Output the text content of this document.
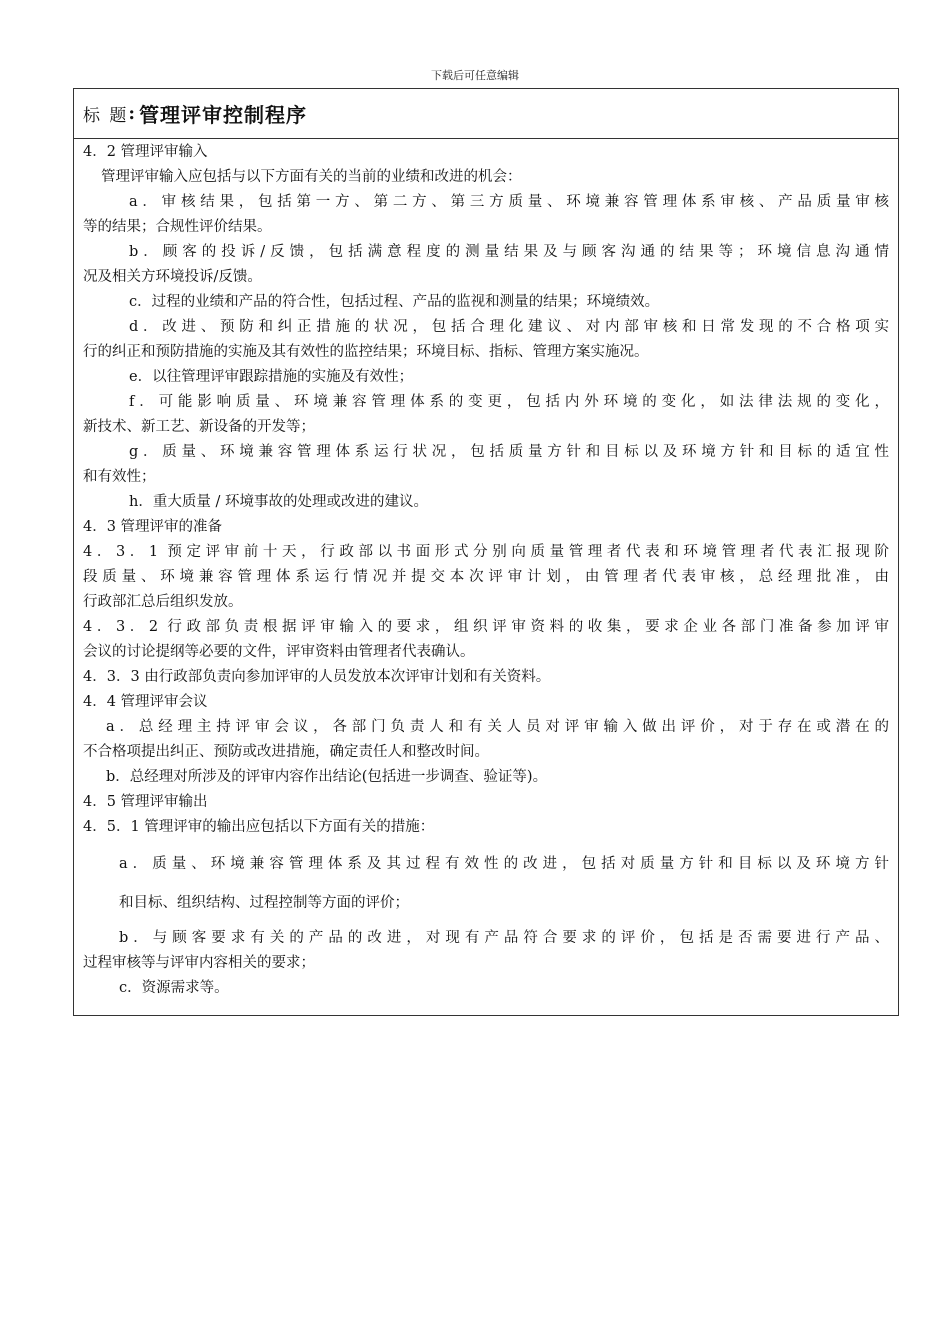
下载后可任意编辑
标 题 : 管理评审控制程序

4．2 管理评审输入

管理评审输入应包括与以下方面有关的当前的业绩和改进的机会：

a．审核结果，包括第一方、第二方、第三方质量、环境兼容管理体系审核、产品质量审核

等的结果；合规性评价结果。

b．顾客的投诉/反馈，包括满意程度的测量结果及与顾客沟通的结果等；环境信息沟通情

况及相关方环境投诉/反馈。

c．过程的业绩和产品的符合性，包括过程、产品的监视和测量的结果；环境绩效。

d．改进、预防和纠正措施的状况，包括合理化建议、对内部审核和日常发现的不合格项实

行的纠正和预防措施的实施及其有效性的监控结果；环境目标、指标、管理方案实施况。

e．以往管理评审跟踪措施的实施及有效性；

f．可能影响质量、环境兼容管理体系的变更，包括内外环境的变化，如法律法规的变化，

新技术、新工艺、新设备的开发等；

g．质量、环境兼容管理体系运行状况，包括质量方针和目标以及环境方针和目标的适宜性

和有效性；

h．重大质量 / 环境事故的处理或改进的建议。

4．3 管理评审的准备

4．3．1 预定评审前十天，行政部以书面形式分别向质量管理者代表和环境管理者代表汇报现阶

段质量、环境兼容管理体系运行情况并提交本次评审计划，由管理者代表审核，总经理批准，由

行政部汇总后组织发放。

4．3．2 行政部负责根据评审输入的要求，组织评审资料的收集，要求企业各部门准备参加评审

会议的讨论提纲等必要的文件，评审资料由管理者代表确认。

4．3．3 由行政部负责向参加评审的人员发放本次评审计划和有关资料。

4．4 管理评审会议

a．总经理主持评审会议，各部门负责人和有关人员对评审输入做出评价，对于存在或潜在的

不合格项提出纠正、预防或改进措施，确定责任人和整改时间。

b．总经理对所涉及的评审内容作出结论(包括进一步调查、验证等)。

4．5 管理评审输出

4．5．1 管理评审的输出应包括以下方面有关的措施：

a．质量、环境兼容管理体系及其过程有效性的改进，包括对质量方针和目标以及环境方针

和目标、组织结构、过程控制等方面的评价；

b．与顾客要求有关的产品的改进，对现有产品符合要求的评价，包括是否需要进行产品、

过程审核等与评审内容相关的要求；

c．资源需求等。
